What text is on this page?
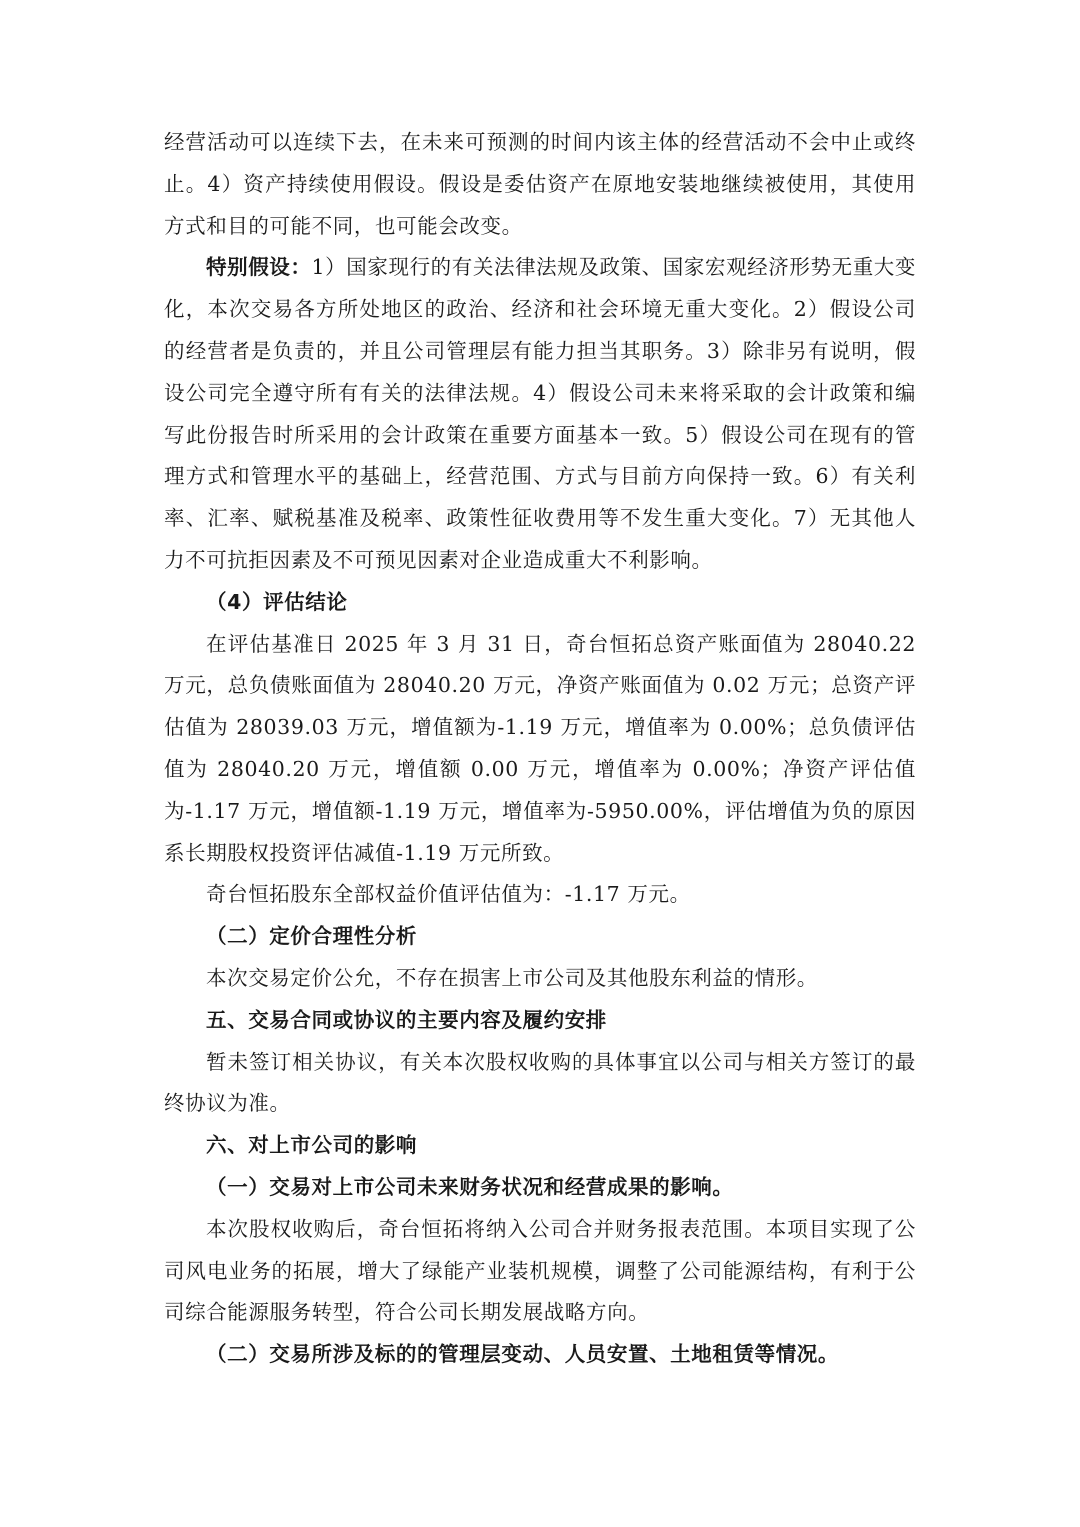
经营活动可以连续下去，在未来可预测的时间内该主体的经营活动不会中止或终止。4）资产持续使用假设。假设是委估资产在原地安装地继续被使用，其使用方式和目的可能不同，也可能会改变。

特别假设：1）国家现行的有关法律法规及政策、国家宏观经济形势无重大变化，本次交易各方所处地区的政治、经济和社会环境无重大变化。2）假设公司的经营者是负责的，并且公司管理层有能力担当其职务。3）除非另有说明，假设公司完全遵守所有有关的法律法规。4）假设公司未来将采取的会计政策和编写此份报告时所采用的会计政策在重要方面基本一致。5）假设公司在现有的管理方式和管理水平的基础上，经营范围、方式与目前方向保持一致。6）有关利率、汇率、赋税基准及税率、政策性征收费用等不发生重大变化。7）无其他人力不可抗拒因素及不可预见因素对企业造成重大不利影响。

（4）评估结论

在评估基准日 2025 年 3 月 31 日，奇台恒拓总资产账面值为 28040.22 万元，总负债账面值为 28040.20 万元，净资产账面值为 0.02 万元；总资产评估值为 28039.03 万元，增值额为-1.19 万元，增值率为 0.00%；总负债评估值为 28040.20 万元，增值额 0.00 万元，增值率为 0.00%；净资产评估值为-1.17 万元，增值额-1.19 万元，增值率为-5950.00%，评估增值为负的原因系长期股权投资评估减值-1.19 万元所致。

奇台恒拓股东全部权益价值评估值为：-1.17 万元。

（二）定价合理性分析

本次交易定价公允，不存在损害上市公司及其他股东利益的情形。

五、交易合同或协议的主要内容及履约安排

暂未签订相关协议，有关本次股权收购的具体事宜以公司与相关方签订的最终协议为准。

六、对上市公司的影响

（一）交易对上市公司未来财务状况和经营成果的影响。

本次股权收购后，奇台恒拓将纳入公司合并财务报表范围。本项目实现了公司风电业务的拓展，增大了绿能产业装机规模，调整了公司能源结构，有利于公司综合能源服务转型，符合公司长期发展战略方向。

（二）交易所涉及标的的管理层变动、人员安置、土地租赁等情况。
